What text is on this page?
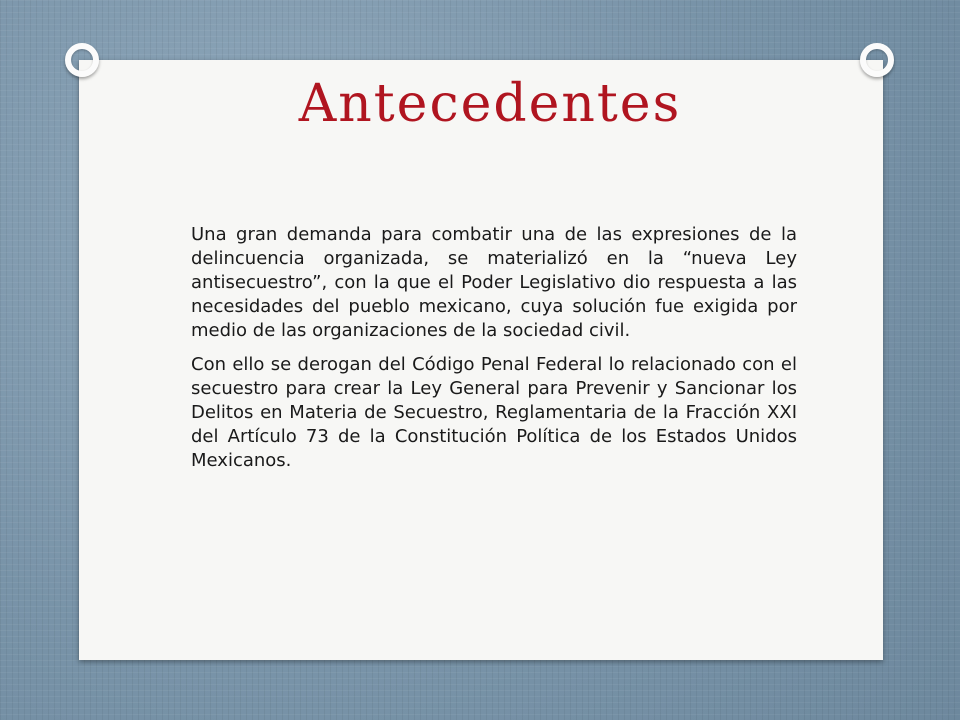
Antecedentes

Una gran demanda para combatir una de las expresiones de la delincuencia organizada, se materializó en la “nueva Ley antisecuestro”, con la que el Poder Legislativo dio respuesta a las necesidades del pueblo mexicano, cuya solución fue exigida por medio de las organizaciones de la sociedad civil.

Con ello se derogan del Código Penal Federal lo relacionado con el secuestro para crear la Ley General para Prevenir y Sancionar los Delitos en Materia de Secuestro, Reglamentaria de la Fracción XXI del Artículo 73 de la Constitución Política de los Estados Unidos Mexicanos.
